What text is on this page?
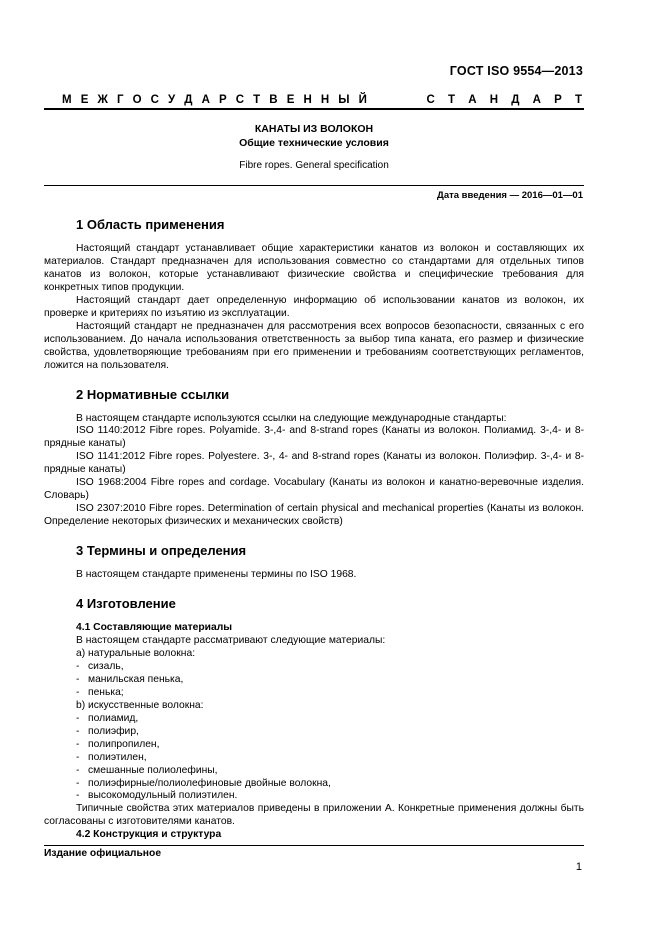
ГОСТ ISO 9554—2013
М Е Ж Г О С У Д А Р С Т В Е Н Н Ы Й	С Т А Н Д А Р Т
КАНАТЫ ИЗ ВОЛОКОН
Общие технические условия
Fibre ropes. General specification
Дата введения — 2016—01—01
1 Область применения

Настоящий стандарт устанавливает общие характеристики канатов из волокон и составляющих их материалов. Стандарт предназначен для использования совместно со стандартами для отдельных типов канатов из волокон, которые устанавливают физические свойства и специфические требования для конкретных типов продукции.

Настоящий стандарт дает определенную информацию об использовании канатов из волокон, их проверке и критериях по изъятию из эксплуатации.

Настоящий стандарт не предназначен для рассмотрения всех вопросов безопасности, связанных с его использованием. До начала использования ответственность за выбор типа каната, его размер и физические свойства, удовлетворяющие требованиям при его применении и требованиям соответствующих регламентов, ложится на пользователя.

2 Нормативные ссылки

В настоящем стандарте используются ссылки на следующие международные стандарты:

ISO 1140:2012 Fibre ropes. Polyamide. 3-,4- and 8-strand ropes (Канаты из волокон. Полиамид. 3-,4- и 8-прядные канаты)

ISO 1141:2012 Fibre ropes. Polyestere. 3-, 4- and 8-strand ropes (Канаты из волокон. Полиэфир. 3-,4- и 8-прядные канаты)

ISO 1968:2004 Fibre ropes and cordage. Vocabulary (Канаты из волокон и канатно-веревочные изделия. Словарь)

ISO 2307:2010 Fibre ropes. Determination of certain physical and mechanical properties (Канаты из волокон. Определение некоторых физических и механических свойств)

3 Термины и определения

В настоящем стандарте применены термины по ISO 1968.

4 Изготовление
4.1 Составляющие материалы
В настоящем стандарте рассматривают следующие материалы:
а) натуральные волокна:
- сизаль,
- манильская пенька,
- пенька;
b) искусственные волокна:
- полиамид,
- полиэфир,
- полипропилен,
- полиэтилен,
- смешанные полиолефины,
- полиэфирные/полиолефиновые двойные волокна,
- высокомодульный полиэтилен.

Типичные свойства этих материалов приведены в приложении А. Конкретные применения должны быть согласованы с изготовителями канатов.

4.2 Конструкция и структура
Издание официальное
1
